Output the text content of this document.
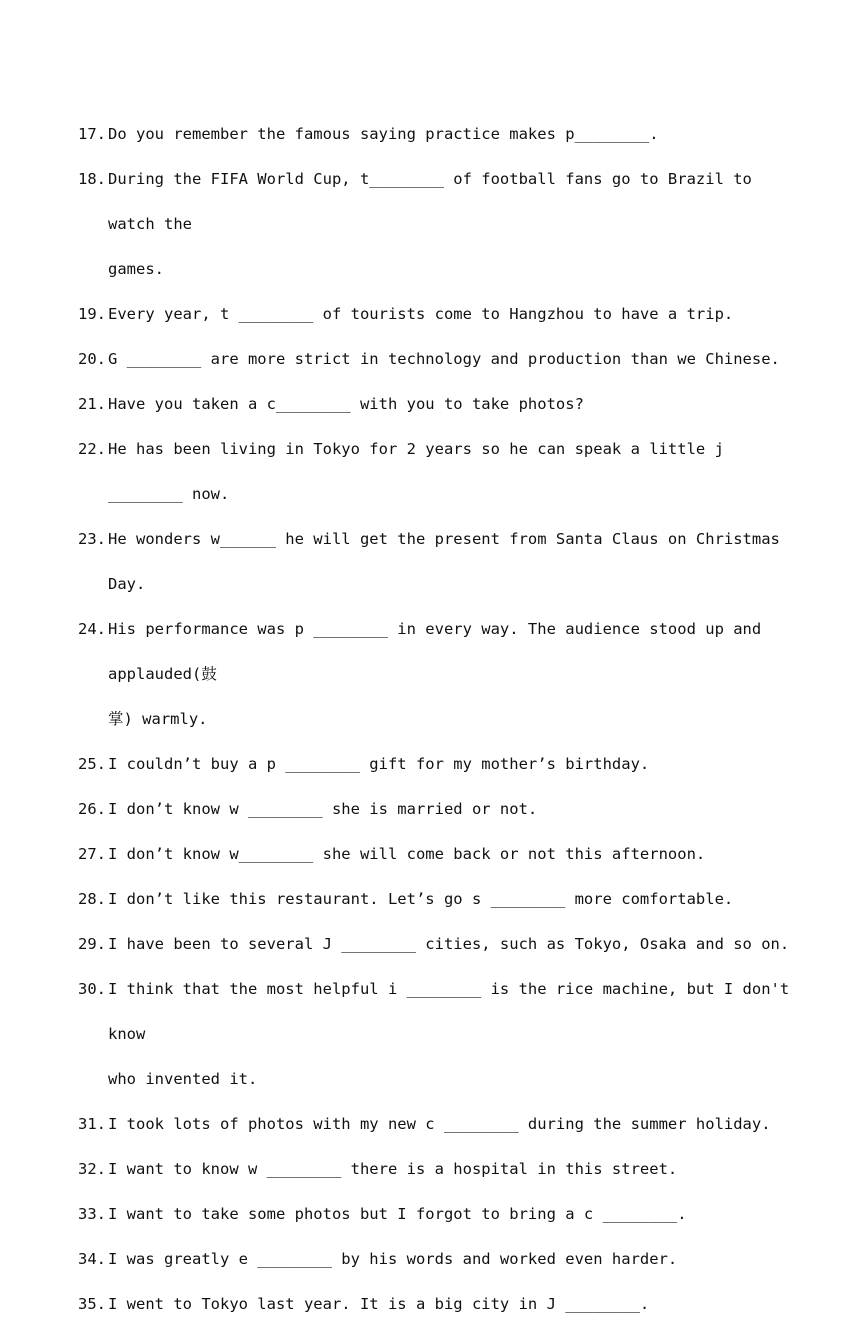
17. Do you remember the famous saying practice makes p________.
18. During the FIFA World Cup, t________ of football fans go to Brazil to watch the
games.
19. Every year, t ________ of tourists come to Hangzhou to have a trip.
20. G ________ are more strict in technology and production than we Chinese.
21. Have you taken a c________ with you to take photos?
22. He has been living in Tokyo for 2 years so he can speak a little j ________ now.
23. He wonders w______ he will get the present from Santa Claus on Christmas Day.
24. His performance was p ________ in every way. The audience stood up and applauded(鼓
掌) warmly.
25. I couldn’t buy a p ________ gift for my mother’s birthday.
26. I don’t know w ________ she is married or not.
27. I don’t know w________ she will come back or not this afternoon.
28. I don’t like this restaurant. Let’s go s ________ more comfortable.
29. I have been to several J ________ cities, such as Tokyo, Osaka and so on.
30. I think that the most helpful i ________ is the rice machine, but I don't know
who invented it.
31. I took lots of photos with my new c ________ during the summer holiday.
32. I want to know w ________ there is a hospital in this street.
33. I want to take some photos but I forgot to bring a c ________.
34. I was greatly e ________ by his words and worked even harder.
35. I went to Tokyo last year. It is a big city in J ________.
